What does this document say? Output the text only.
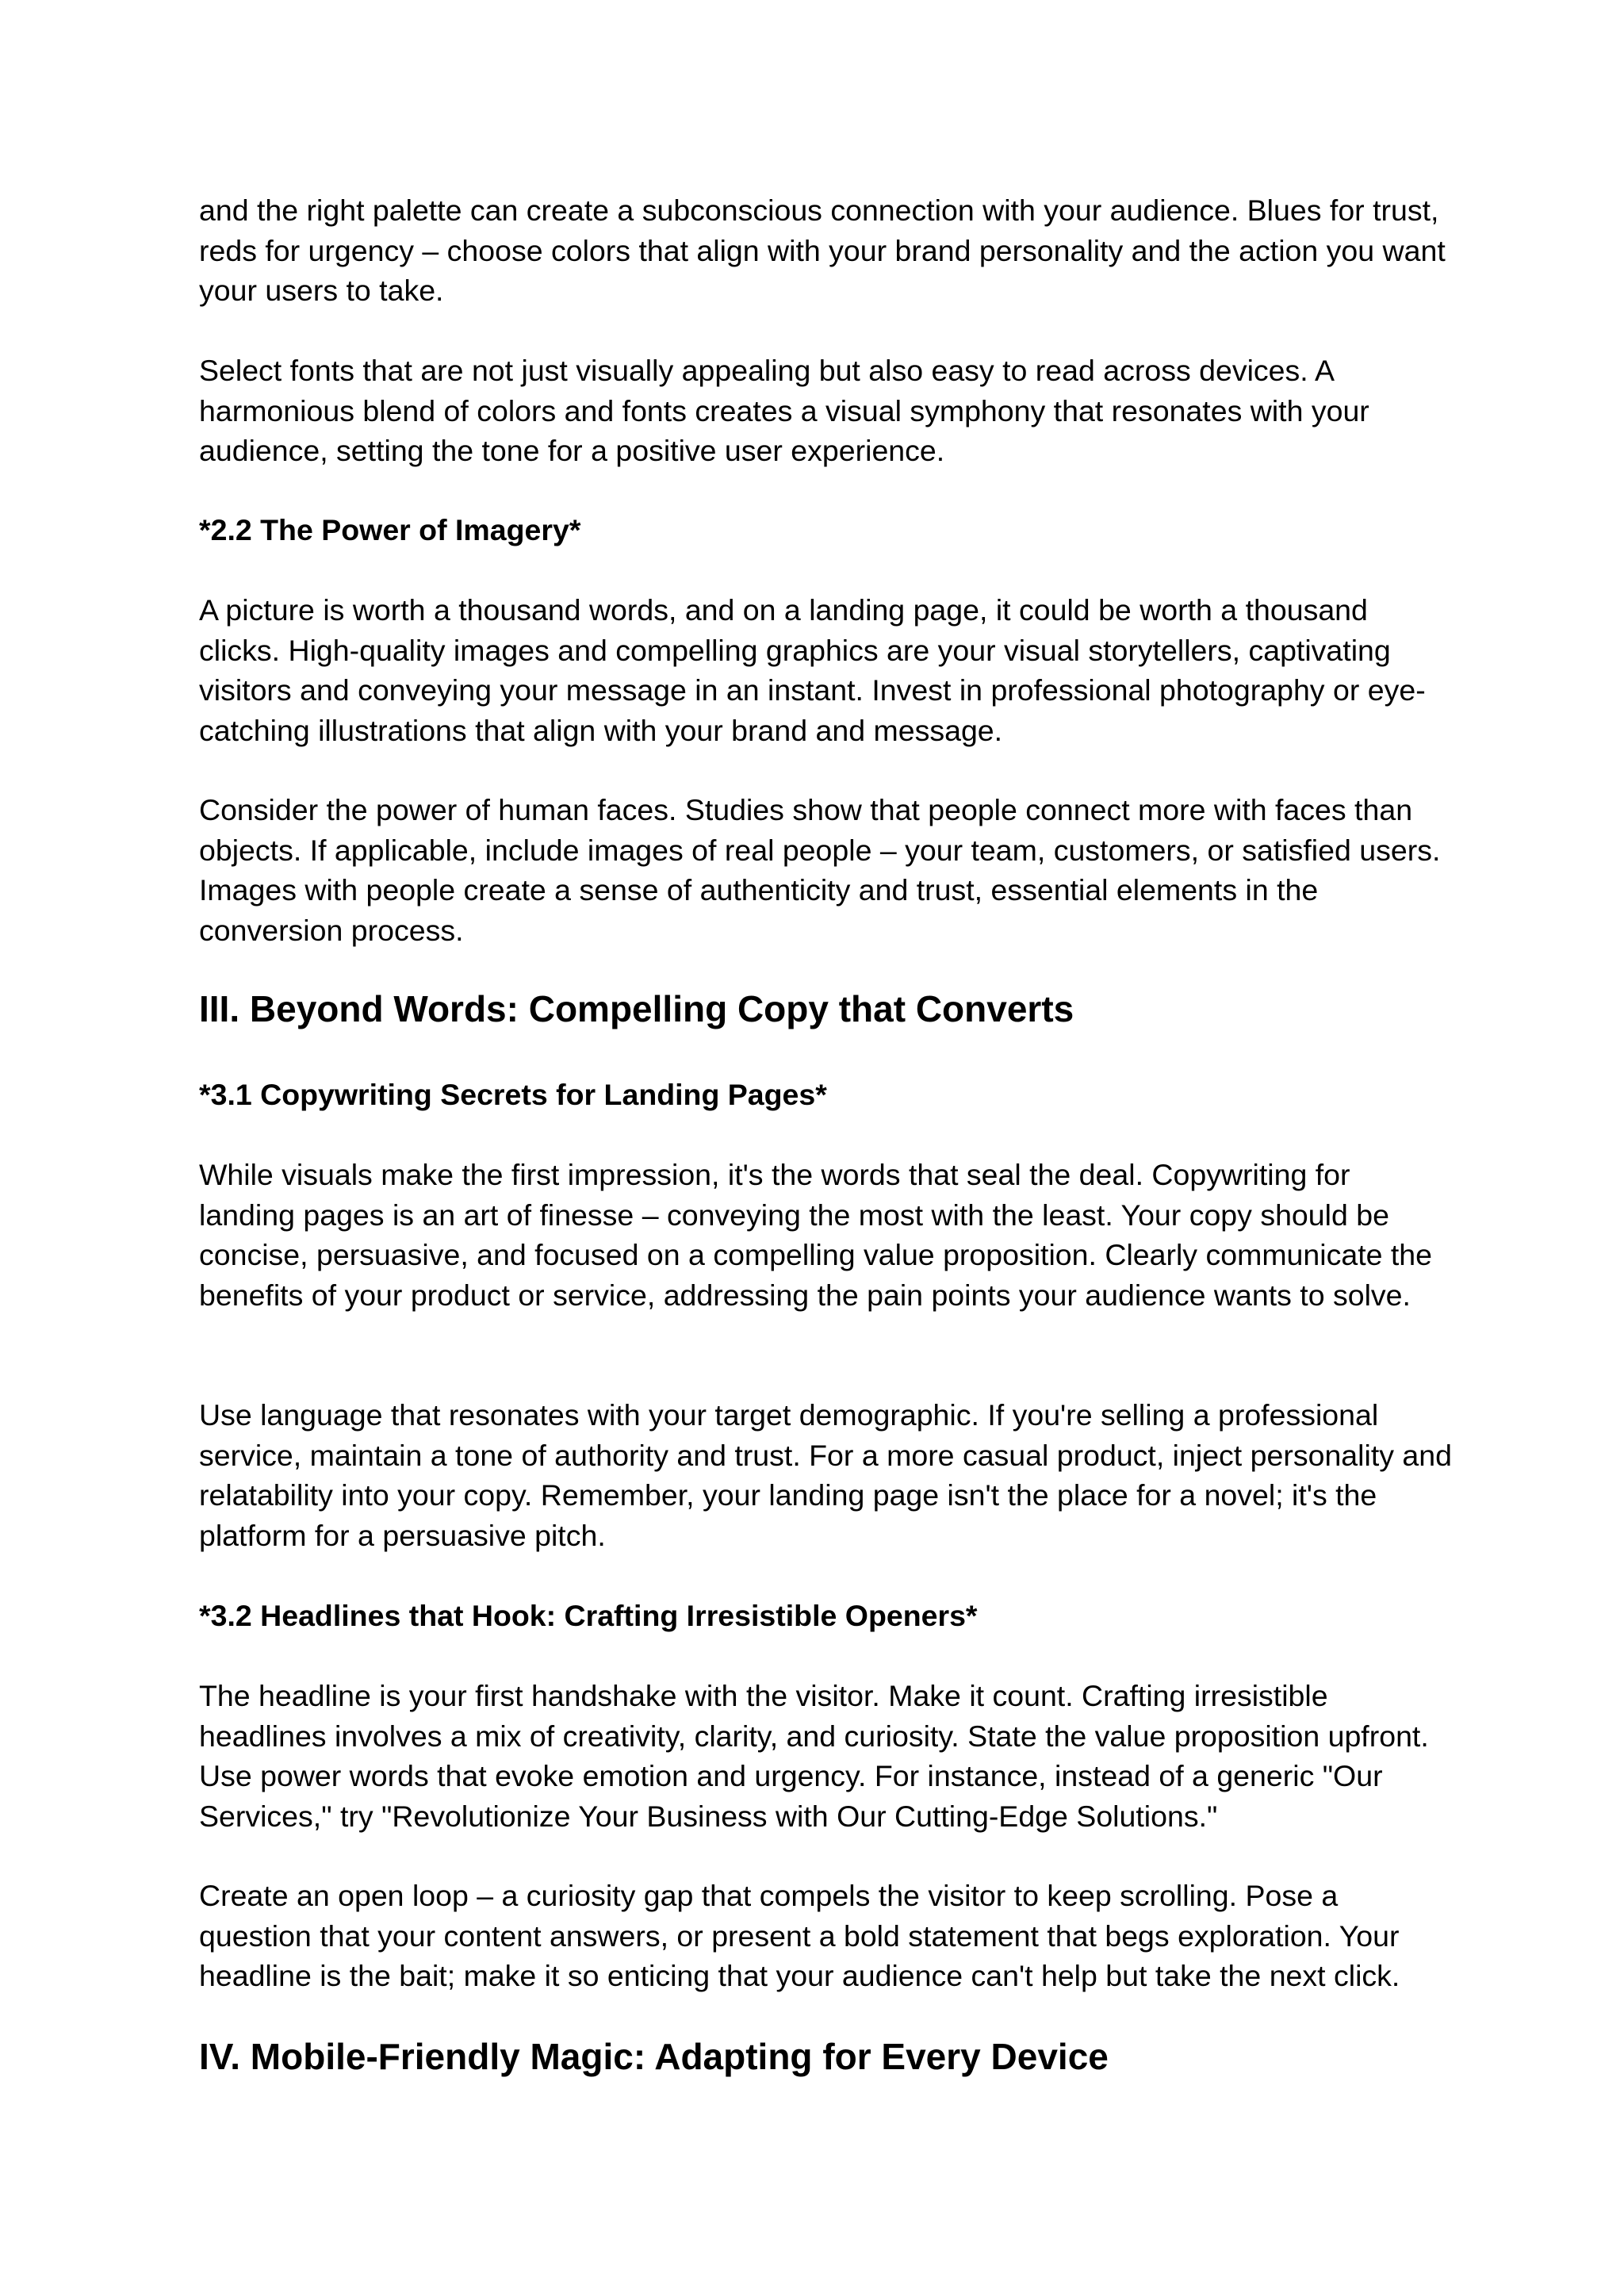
and the right palette can create a subconscious connection with your audience. Blues for trust, reds for urgency – choose colors that align with your brand personality and the action you want your users to take.

Select fonts that are not just visually appealing but also easy to read across devices. A harmonious blend of colors and fonts creates a visual symphony that resonates with your audience, setting the tone for a positive user experience.

*2.2 The Power of Imagery*

A picture is worth a thousand words, and on a landing page, it could be worth a thousand clicks. High-quality images and compelling graphics are your visual storytellers, captivating visitors and conveying your message in an instant. Invest in professional photography or eye-catching illustrations that align with your brand and message.

Consider the power of human faces. Studies show that people connect more with faces than objects. If applicable, include images of real people – your team, customers, or satisfied users. Images with people create a sense of authenticity and trust, essential elements in the conversion process.

III. Beyond Words: Compelling Copy that Converts
*3.1 Copywriting Secrets for Landing Pages*

While visuals make the first impression, it's the words that seal the deal. Copywriting for landing pages is an art of finesse – conveying the most with the least. Your copy should be concise, persuasive, and focused on a compelling value proposition. Clearly communicate the benefits of your product or service, addressing the pain points your audience wants to solve.

Use language that resonates with your target demographic. If you're selling a professional service, maintain a tone of authority and trust. For a more casual product, inject personality and relatability into your copy. Remember, your landing page isn't the place for a novel; it's the platform for a persuasive pitch.

*3.2 Headlines that Hook: Crafting Irresistible Openers*

The headline is your first handshake with the visitor. Make it count. Crafting irresistible headlines involves a mix of creativity, clarity, and curiosity. State the value proposition upfront. Use power words that evoke emotion and urgency. For instance, instead of a generic "Our Services," try "Revolutionize Your Business with Our Cutting-Edge Solutions."

Create an open loop – a curiosity gap that compels the visitor to keep scrolling. Pose a question that your content answers, or present a bold statement that begs exploration. Your headline is the bait; make it so enticing that your audience can't help but take the next click.

IV. Mobile-Friendly Magic: Adapting for Every Device
